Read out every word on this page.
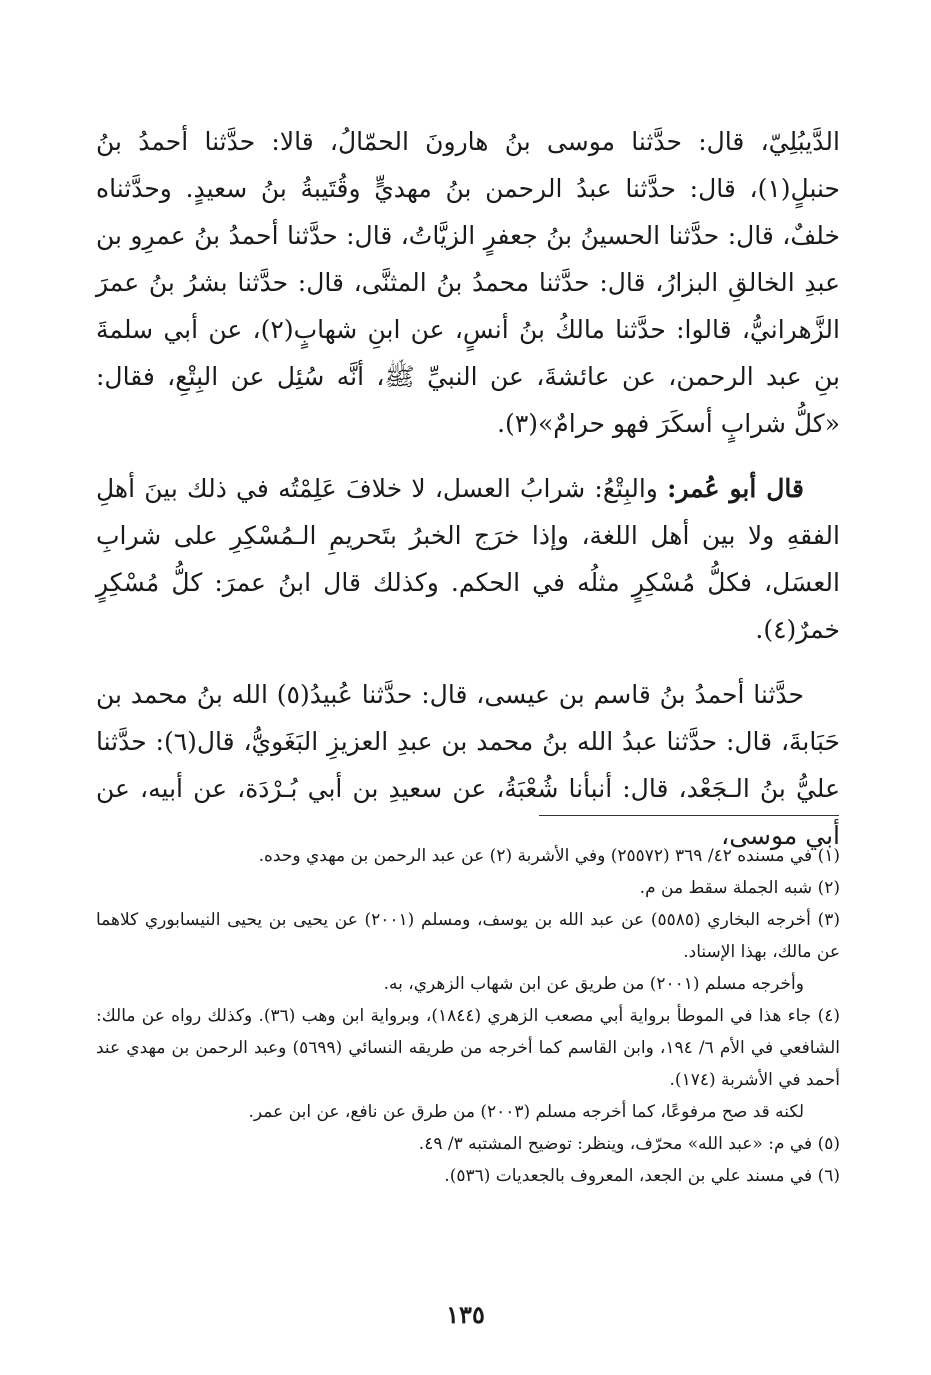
الدَّيبُلِيّ، قال: حدَّثنا موسى بنُ هارونَ الحمّالُ، قالا: حدَّثنا أحمدُ بنُ حنبلٍ(١)، قال: حدَّثنا عبدُ الرحمن بنُ مهديٍّ وقُتَيبةُ بنُ سعيدٍ. وحدَّثناه خلفٌ، قال: حدَّثنا الحسينُ بنُ جعفرٍ الزيَّاتُ، قال: حدَّثنا أحمدُ بنُ عمرِو بن عبدِ الخالقِ البزارُ، قال: حدَّثنا محمدُ بنُ المثنَّى، قال: حدَّثنا بشرُ بنُ عمرَ الزَّهرانيُّ، قالوا: حدَّثنا مالكُ بنُ أنسٍ، عن ابنِ شهابٍ(٢)، عن أبي سلمةَ بنِ عبد الرحمن، عن عائشةَ، عن النبيِّ ﷺ، أنَّه سُئِل عن البِتْعِ، فقال: «كلُّ شرابٍ أسكَرَ فهو حرامٌ»(٣).

قال أبو عُمر: والبِتْعُ: شرابُ العسل، لا خلافَ عَلِمْتُه في ذلك بينَ أهلِ الفقهِ ولا بين أهل اللغة، وإذا خرَج الخبرُ بتَحريمِ الـمُسْكِرِ على شرابِ العسَل، فكلُّ مُسْكِرٍ مثلُه في الحكم. وكذلك قال ابنُ عمرَ: كلُّ مُسْكِرٍ خمرٌ(٤).

حدَّثنا أحمدُ بنُ قاسم بن عيسى، قال: حدَّثنا عُبيدُ(٥) الله بنُ محمد بن حَبَابةَ، قال: حدَّثنا عبدُ الله بنُ محمد بن عبدِ العزيزِ البَغَويُّ، قال(٦): حدَّثنا عليُّ بنُ الـجَعْد، قال: أنبأنا شُعْبَةُ، عن سعيدِ بن أبي بُـرْدَة، عن أبيه، عن أبي موسى،

(١) في مسنده ٤٢/ ٣٦٩ (٢٥٥٧٢) وفي الأشربة (٢) عن عبد الرحمن بن مهدي وحده.

(٢) شبه الجملة سقط من م.

(٣) أخرجه البخاري (٥٥٨٥) عن عبد الله بن يوسف، ومسلم (٢٠٠١) عن يحيى بن يحيى النيسابوري كلاهما عن مالك، بهذا الإسناد.

وأخرجه مسلم (٢٠٠١) من طريق عن ابن شهاب الزهري، به.

(٤) جاء هذا في الموطأ برواية أبي مصعب الزهري (١٨٤٤)، وبرواية ابن وهب (٣٦). وكذلك رواه عن مالك: الشافعي في الأم ٦/ ١٩٤، وابن القاسم كما أخرجه من طريقه النسائي (٥٦٩٩) وعبد الرحمن بن مهدي عند أحمد في الأشربة (١٧٤).

لكنه قد صح مرفوعًا، كما أخرجه مسلم (٢٠٠٣) من طرق عن نافع، عن ابن عمر.

(٥) في م: «عبد الله» محرّف، وينظر: توضيح المشتبه ٣/ ٤٩.

(٦) في مسند علي بن الجعد، المعروف بالجعديات (٥٣٦).

١٣٥
